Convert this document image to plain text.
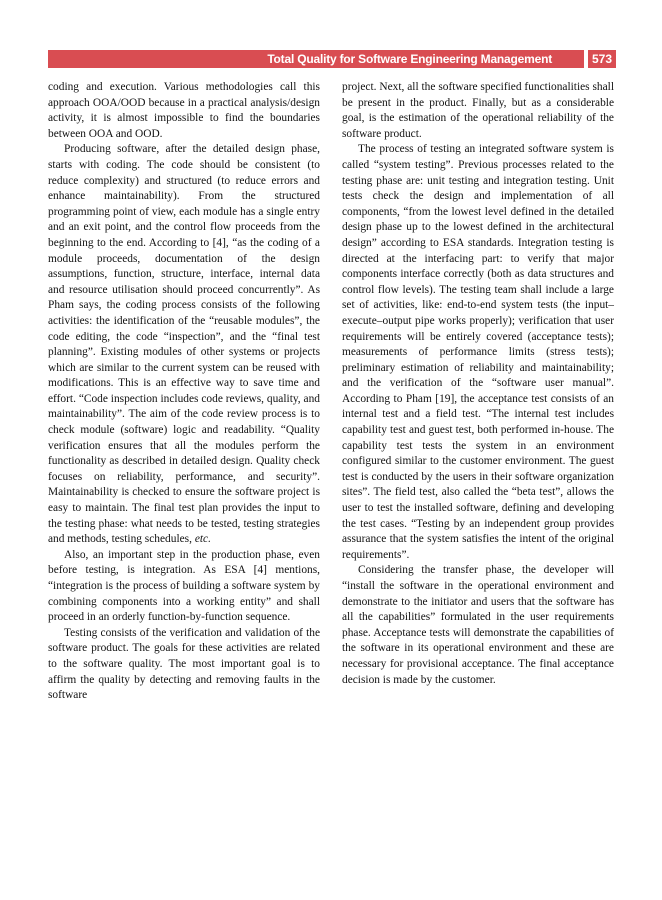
Total Quality for Software Engineering Management	573

coding and execution. Various methodologies call this approach OOA/OOD because in a practical analysis/design activity, it is almost impossible to find the boundaries between OOA and OOD.

Producing software, after the detailed design phase, starts with coding. The code should be consistent (to reduce complexity) and structured (to reduce errors and enhance maintainability). From the structured programming point of view, each module has a single entry and an exit point, and the control flow proceeds from the beginning to the end. According to [4], “as the coding of a module proceeds, documentation of the design assumptions, function, structure, interface, internal data and resource utilisation should proceed concurrently”. As Pham says, the coding process consists of the following activities: the identification of the “reusable modules”, the code editing, the code “inspection”, and the “final test planning”. Existing modules of other systems or projects which are similar to the current system can be reused with modifications. This is an effective way to save time and effort. “Code inspection includes code reviews, quality, and maintainability”. The aim of the code review process is to check module (software) logic and readability. “Quality verification ensures that all the modules perform the functionality as described in detailed design. Quality check focuses on reliability, performance, and security”. Maintainability is checked to ensure the software project is easy to maintain. The final test plan provides the input to the testing phase: what needs to be tested, testing strategies and methods, testing schedules, etc.

Also, an important step in the production phase, even before testing, is integration. As ESA [4] mentions, “integration is the process of building a software system by combining components into a working entity” and shall proceed in an orderly function-by-function sequence.

Testing consists of the verification and validation of the software product. The goals for these activities are related to the software quality. The most important goal is to affirm the quality by detecting and removing faults in the software

project. Next, all the software specified functionalities shall be present in the product. Finally, but as a considerable goal, is the estimation of the operational reliability of the software product.

The process of testing an integrated software system is called “system testing”. Previous processes related to the testing phase are: unit testing and integration testing. Unit tests check the design and implementation of all components, “from the lowest level defined in the detailed design phase up to the lowest defined in the architectural design” according to ESA standards. Integration testing is directed at the interfacing part: to verify that major components interface correctly (both as data structures and control flow levels). The testing team shall include a large set of activities, like: end-to-end system tests (the input–execute–output pipe works properly); verification that user requirements will be entirely covered (acceptance tests); measurements of performance limits (stress tests); preliminary estimation of reliability and maintainability; and the verification of the “software user manual”. According to Pham [19], the acceptance test consists of an internal test and a field test. “The internal test includes capability test and guest test, both performed in-house. The capability test tests the system in an environment configured similar to the customer environment. The guest test is conducted by the users in their software organization sites”. The field test, also called the “beta test”, allows the user to test the installed software, defining and developing the test cases. “Testing by an independent group provides assurance that the system satisfies the intent of the original requirements”.

Considering the transfer phase, the developer will “install the software in the operational environment and demonstrate to the initiator and users that the software has all the capabilities” formulated in the user requirements phase. Acceptance tests will demonstrate the capabilities of the software in its operational environment and these are necessary for provisional acceptance. The final acceptance decision is made by the customer.
